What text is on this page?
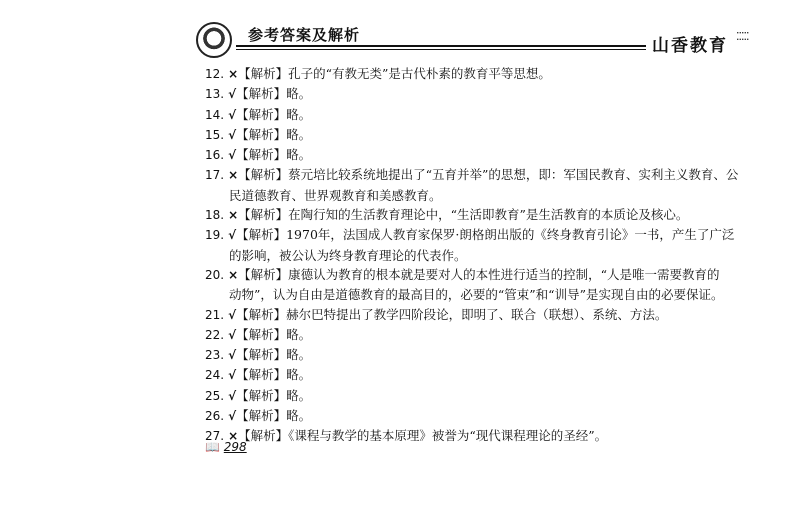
参考答案及解析
山香教育 ⁚⁚⁚⁚⁚
12. ×【解析】孔子的“有教无类”是古代朴素的教育平等思想。
13. √【解析】略。
14. √【解析】略。
15. √【解析】略。
16. √【解析】略。
17. ×【解析】蔡元培比较系统地提出了“五育并举”的思想，即：军国民教育、实利主义教育、公
民道德教育、世界观教育和美感教育。
18. ×【解析】在陶行知的生活教育理论中，“生活即教育”是生活教育的本质论及核心。
19. √【解析】1970年，法国成人教育家保罗·朗格朗出版的《终身教育引论》一书，产生了广泛
的影响，被公认为终身教育理论的代表作。
20. ×【解析】康德认为教育的根本就是要对人的本性进行适当的控制，“人是唯一需要教育的
动物”，认为自由是道德教育的最高目的，必要的“管束”和“训导”是实现自由的必要保证。
21. √【解析】赫尔巴特提出了教学四阶段论，即明了、联合（联想）、系统、方法。
22. √【解析】略。
23. √【解析】略。
24. √【解析】略。
25. √【解析】略。
26. √【解析】略。
27. ×【解析】《课程与教学的基本原理》被誉为“现代课程理论的圣经”。
📖 298
